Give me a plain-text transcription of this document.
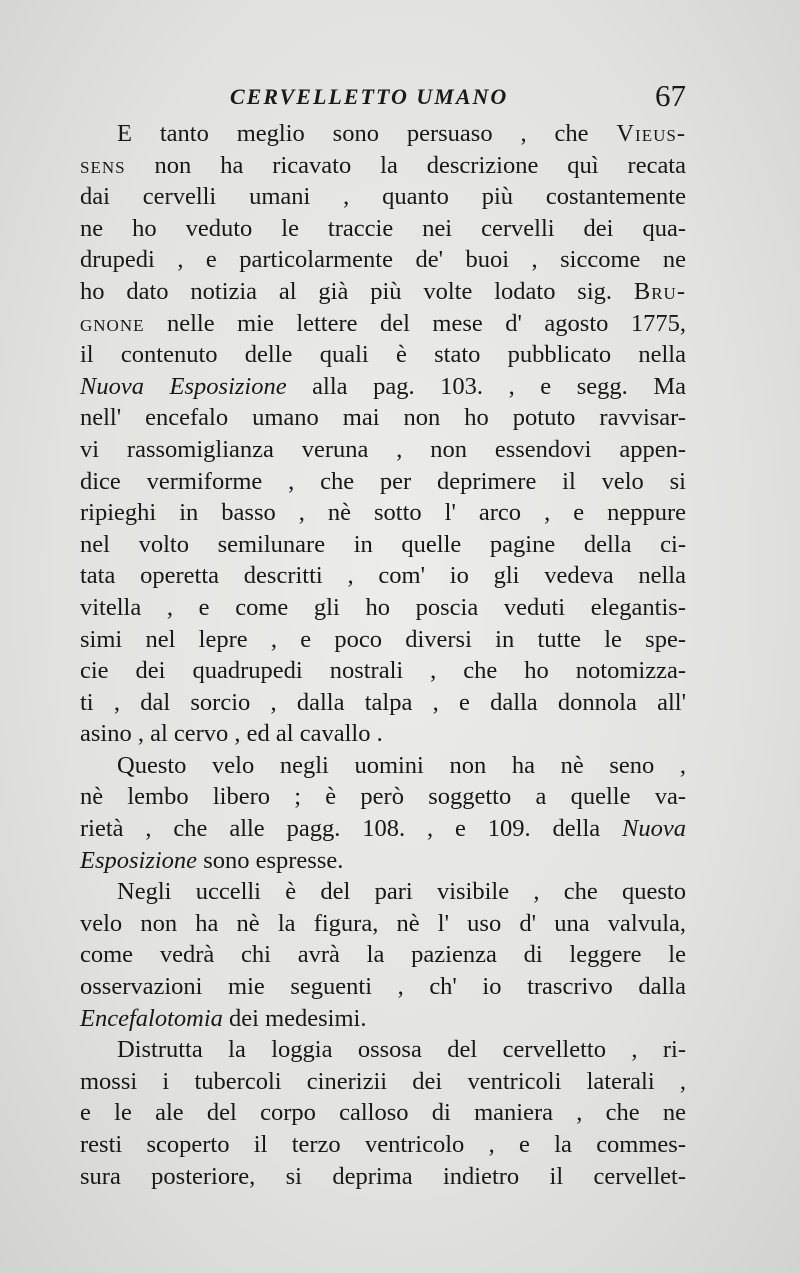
CERVELLETTO UMANO	67
E tanto meglio sono persuaso , che Vieus-
sens non ha ricavato la descrizione quì recata
dai cervelli umani , quanto più costantemente
ne ho veduto le traccie nei cervelli dei qua-
drupedi , e particolarmente de' buoi , siccome ne
ho dato notizia al già più volte lodato sig. Bru-
gnone nelle mie lettere del mese d' agosto 1775,
il contenuto delle quali è stato pubblicato nella
Nuova Esposizione alla pag. 103. , e segg. Ma
nell' encefalo umano mai non ho potuto ravvisar-
vi rassomiglianza veruna , non essendovi appen-
dice vermiforme , che per deprimere il velo si
ripieghi in basso , nè sotto l' arco , e neppure
nel volto semilunare in quelle pagine della ci-
tata operetta descritti , com' io gli vedeva nella
vitella , e come gli ho poscia veduti elegantis-
simi nel lepre , e poco diversi in tutte le spe-
cie dei quadrupedi nostrali , che ho notomizza-
ti , dal sorcio , dalla talpa , e dalla donnola all'
asino , al cervo , ed al cavallo .
Questo velo negli uomini non ha nè seno ,
nè lembo libero ; è però soggetto a quelle va-
rietà , che alle pagg. 108. , e 109. della Nuova
Esposizione sono espresse.
Negli uccelli è del pari visibile , che questo
velo non ha nè la figura, nè l' uso d' una valvula,
come vedrà chi avrà la pazienza di leggere le
osservazioni mie seguenti , ch' io trascrivo dalla
Encefalotomia dei medesimi.
Distrutta la loggia ossosa del cervelletto , ri-
mossi i tubercoli cinerizii dei ventricoli laterali ,
e le ale del corpo calloso di maniera , che ne
resti scoperto il terzo ventricolo , e la commes-
sura posteriore, si deprima indietro il cervellet-
